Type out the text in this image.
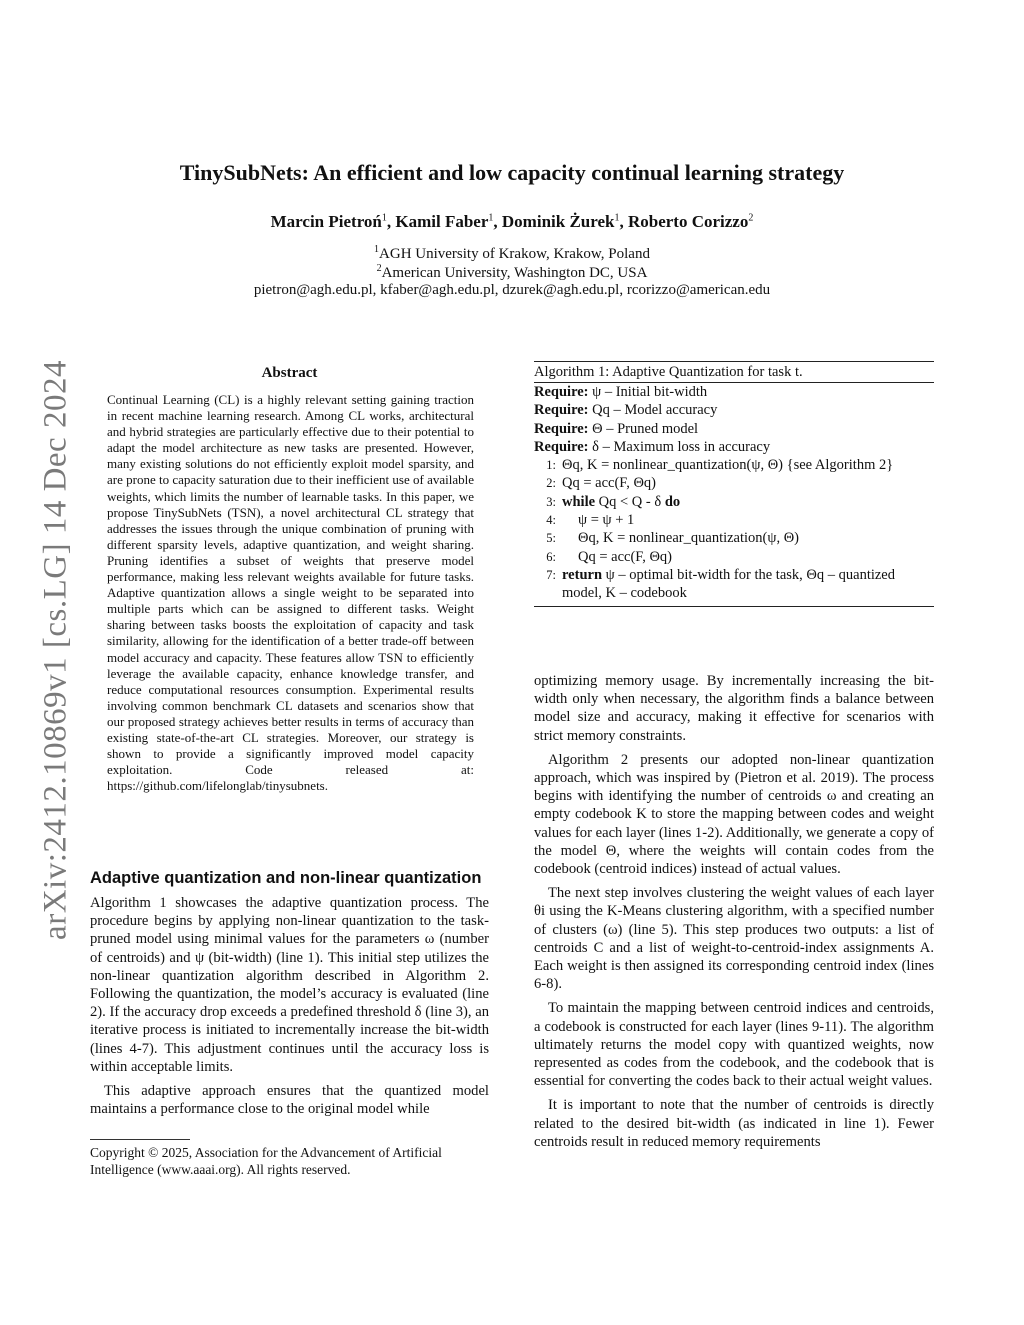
arXiv:2412.10869v1 [cs.LG] 14 Dec 2024
TinySubNets: An efficient and low capacity continual learning strategy
Marcin Pietroń$^1$, Kamil Faber$^1$, Dominik Żurek$^1$, Roberto Corizzo$^2$
$^1$AGH University of Krakow, Krakow, Poland
$^2$American University, Washington DC, USA
pietron@agh.edu.pl, kfaber@agh.edu.pl, dzurek@agh.edu.pl, rcorizzo@american.edu
Abstract
Continual Learning (CL) is a highly relevant setting gaining traction in recent machine learning research. Among CL works, architectural and hybrid strategies are particularly effective due to their potential to adapt the model architecture as new tasks are presented. However, many existing solutions do not efficiently exploit model sparsity, and are prone to capacity saturation due to their inefficient use of available weights, which limits the number of learnable tasks. In this paper, we propose TinySubNets (TSN), a novel architectural CL strategy that addresses the issues through the unique combination of pruning with different sparsity levels, adaptive quantization, and weight sharing. Pruning identifies a subset of weights that preserve model performance, making less relevant weights available for future tasks. Adaptive quantization allows a single weight to be separated into multiple parts which can be assigned to different tasks. Weight sharing between tasks boosts the exploitation of capacity and task similarity, allowing for the identification of a better trade-off between model accuracy and capacity. These features allow TSN to efficiently leverage the available capacity, enhance knowledge transfer, and reduce computational resources consumption. Experimental results involving common benchmark CL datasets and scenarios show that our proposed strategy achieves better results in terms of accuracy than existing state-of-the-art CL strategies. Moreover, our strategy is shown to provide a significantly improved model capacity exploitation. Code released at: https://github.com/lifelonglab/tinysubnets.
Adaptive quantization and non-linear quantization

Algorithm 1 showcases the adaptive quantization process. The procedure begins by applying non-linear quantization to the task-pruned model using minimal values for the parameters ω (number of centroids) and ψ (bit-width) (line 1). This initial step utilizes the non-linear quantization algorithm described in Algorithm 2. Following the quantization, the model’s accuracy is evaluated (line 2). If the accuracy drop exceeds a predefined threshold δ (line 3), an iterative process is initiated to incrementally increase the bit-width (lines 4-7). This adjustment continues until the accuracy loss is within acceptable limits.

This adaptive approach ensures that the quantized model maintains a performance close to the original model while

Copyright © 2025, Association for the Advancement of Artificial Intelligence (www.aaai.org). All rights reserved.
Algorithm 1: Adaptive Quantization for task t.
Require: ψ – Initial bit-width
Require: Qq – Model accuracy
Require: Θ – Pruned model
Require: δ – Maximum loss in accuracy
1: Θq, K = nonlinear_quantization(ψ, Θ) {see Algorithm 2}
2: Qq = acc(F, Θq)
3: while Qq < Q - δ do
4: ψ = ψ + 1
5: Θq, K = nonlinear_quantization(ψ, Θ)
6: Qq = acc(F, Θq)
7: return ψ – optimal bit-width for the task, Θq – quantized model, K – codebook

optimizing memory usage. By incrementally increasing the bit-width only when necessary, the algorithm finds a balance between model size and accuracy, making it effective for scenarios with strict memory constraints.

Algorithm 2 presents our adopted non-linear quantization approach, which was inspired by (Pietron et al. 2019). The process begins with identifying the number of centroids ω and creating an empty codebook K to store the mapping between codes and weight values for each layer (lines 1-2). Additionally, we generate a copy of the model Θ, where the weights will contain codes from the codebook (centroid indices) instead of actual values.

The next step involves clustering the weight values of each layer θi using the K-Means clustering algorithm, with a specified number of clusters (ω) (line 5). This step produces two outputs: a list of centroids C and a list of weight-to-centroid-index assignments A. Each weight is then assigned its corresponding centroid index (lines 6-8).

To maintain the mapping between centroid indices and centroids, a codebook is constructed for each layer (lines 9-11). The algorithm ultimately returns the model copy with quantized weights, now represented as codes from the codebook, and the codebook that is essential for converting the codes back to their actual weight values.

It is important to note that the number of centroids is directly related to the desired bit-width (as indicated in line 1). Fewer centroids result in reduced memory requirements
